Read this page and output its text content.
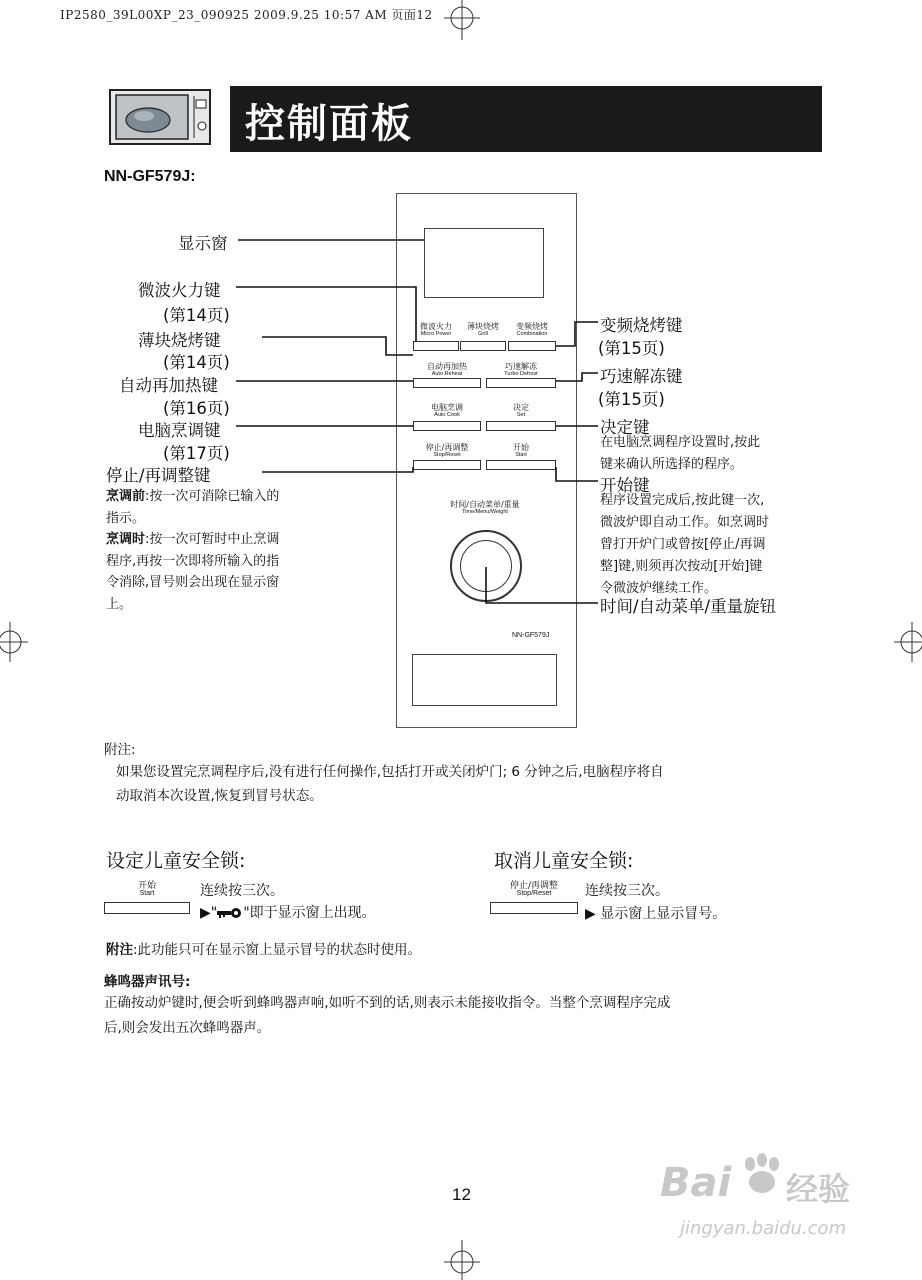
IP2580_39L00XP_23_090925 2009.9.25 10:57 AM 页面12
控制面板
NN-GF579J:
微波火力
Micro Power
薄块烧烤
Grill
变频烧烤
Combination
自动再加热
Auto Reheat
巧速解冻
Turbo Defrost
电脑烹调
Auto Cook
决定
Set
停止/再调整
Stop/Reset
开始
Start
时间/自动菜单/重量
Time/Menu/Weight
NN-GF579J
显示窗
微波火力键
(第14页)
薄块烧烤键
(第14页)
自动再加热键
(第16页)
电脑烹调键
(第17页)
停止/再调整键
烹调前:按一次可消除已输入的
指示。
烹调时:按一次可暂时中止烹调
程序,再按一次即将所输入的指
令消除,冒号则会出现在显示窗
上。
变频烧烤键
(第15页)
巧速解冻键
(第15页)
决定键
在电脑烹调程序设置时,按此
键来确认所选择的程序。
开始键
程序设置完成后,按此键一次,
微波炉即自动工作。如烹调时
曾打开炉门或曾按[停止/再调
整]键,则须再次按动[开始]键
令微波炉继续工作。
时间/自动菜单/重量旋钮
附注:
如果您设置完烹调程序后,没有进行任何操作,包括打开或关闭炉门; 6 分钟之后,电脑程序将自
动取消本次设置,恢复到冒号状态。
设定儿童安全锁:
开始
Start	连续按三次。
▶" "即于显示窗上出现。
取消儿童安全锁:
停止/再调整
Stop/Reset	连续按三次。
▶ 显示窗上显示冒号。
附注:此功能只可在显示窗上显示冒号的状态时使用。
蜂鸣器声讯号:
正确按动炉键时,便会听到蜂鸣器声响,如听不到的话,则表示未能接收指令。当整个烹调程序完成
后,则会发出五次蜂鸣器声。
12	Bai 经验
jingyan.baidu.com
